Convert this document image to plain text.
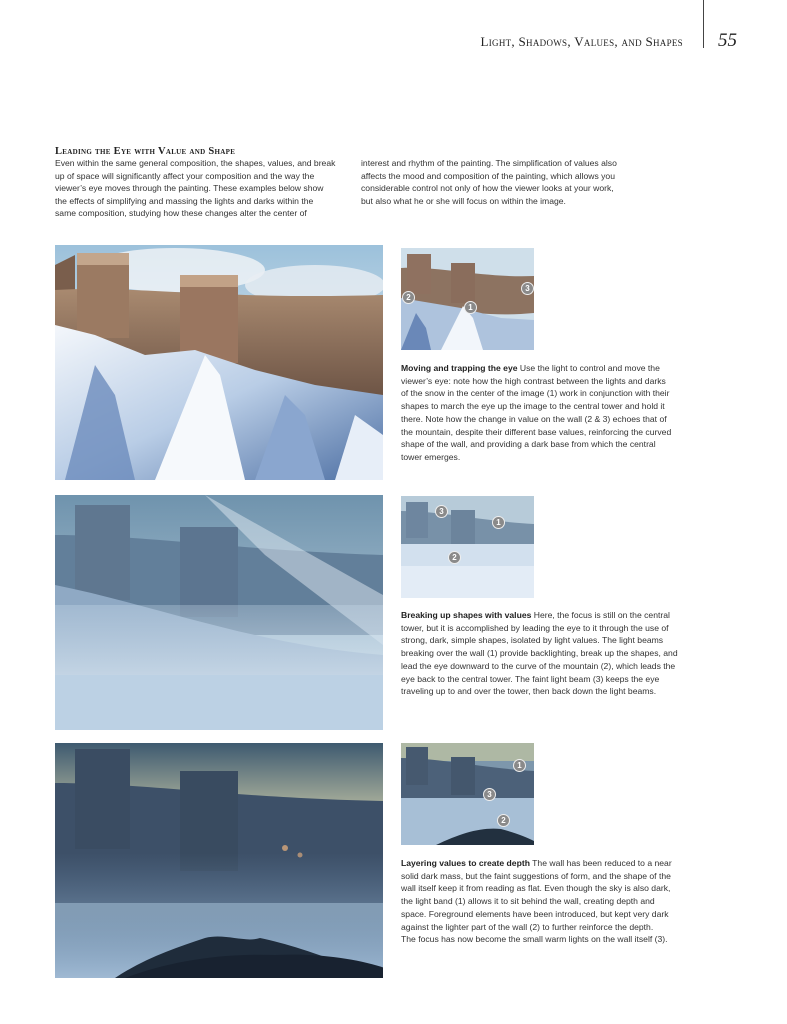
Light, Shadows, Values, and Shapes 55
Leading the Eye with Value and Shape
Even within the same general composition, the shapes, values, and break
up of space will significantly affect your composition and the way the
viewer’s eye moves through the painting. These examples below show
the effects of simplifying and massing the lights and darks within the
same composition, studying how these changes alter the center of
interest and rhythm of the painting. The simplification of values also
affects the mood and composition of the painting, which allows you
considerable control not only of how the viewer looks at your work,
but also what he or she will focus on within the image.
2
1
3
Moving and trapping the eye Use the light to control and move the
viewer’s eye: note how the high contrast between the lights and darks
of the snow in the center of the image (1) work in conjunction with their
shapes to march the eye up the image to the central tower and hold it
there. Note how the change in value on the wall (2 & 3) echoes that of
the mountain, despite their different base values, reinforcing the curved
shape of the wall, and providing a dark base from which the central
tower emerges.
3
1
2
Breaking up shapes with values Here, the focus is still on the central
tower, but it is accomplished by leading the eye to it through the use of
strong, dark, simple shapes, isolated by light values. The light beams
breaking over the wall (1) provide backlighting, break up the shapes, and
lead the eye downward to the curve of the mountain (2), which leads the
eye back to the central tower. The faint light beam (3) keeps the eye
traveling up to and over the tower, then back down the light beams.
1
3
2
Layering values to create depth The wall has been reduced to a near
solid dark mass, but the faint suggestions of form, and the shape of the
wall itself keep it from reading as flat. Even though the sky is also dark,
the light band (1) allows it to sit behind the wall, creating depth and
space. Foreground elements have been introduced, but kept very dark
against the lighter part of the wall (2) to further reinforce the depth.
The focus has now become the small warm lights on the wall itself (3).
